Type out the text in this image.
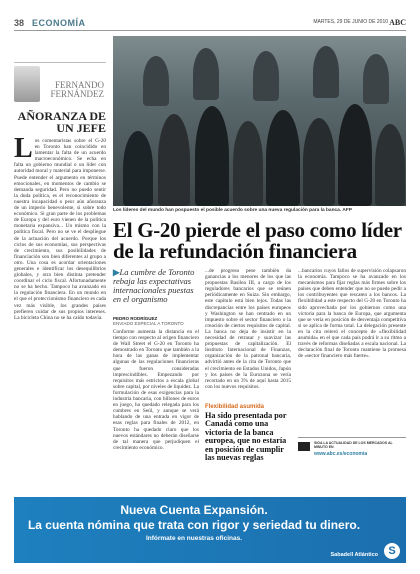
38 ECONOMÍA	MARTES, 29 DE JUNIO DE 2010 ABC
FERNANDO FERNÁNDEZ
AÑORANZA DE UN JEFE
Los comentaristas sobre el G-20 en Toronto han coincidido en lamentar la falta de un acuerdo macroeconómico. Se echa en falta un gobierno mundial o un líder con autoridad moral y material para imponerse. Puede entender el argumento en términos emocionales, en momentos de cambio se demanda seguridad. Pero no puedo sentir la duda política, es el reconocimiento de nuestra incapacidad o peor aún añoranza de un imperio benevolente, si sobre todo económico. Si gran parte de los problemas de Europa y del euro vienen de la política monetaria expansiva... Un mismo con la política fiscal. Pero no se ve el despliegue de la actuación del acuerdo. Porque los ciclos de sus economías, sus perspectivas de crecimiento, sus posibilidades de financiación son bien diferentes al grupo a otro. Una cosa es acordar orientaciones generales e identificar los desequilibrios globales, y otra bien distinta pretender coordinar el ciclo fiscal. Afortunadamente no se ha hecho. Tampoco ha avanzado en la regulación financiera. En un mundo en el que el proteccionismo financiero es cada vez más visible, los grandes países prefieren cuidar de sus propios intereses. La bicicleta China no se ha caído todavía.
Los líderes del mundo han pospuesto el posible acuerdo sobre una nueva regulación para la banca. AFP
El G-20 pierde el paso como líder de la refundación financiera
▶La cumbre de Toronto rebaja las expectativas internacionales puestas en el organismo
PEDRO RODRÍGUEZ
ENVIADO ESPECIAL A TORONTO
Conforme aumenta la distancia en el tiempo con respecto al origen financiero de Wall Street el G-20 en Toronto ha demostrado en Toronto que también a la hora de las ganas de implementar algunas de las regulaciones financieras que fueron consideradas imprescindibles. Empezando por requisitos más estrictos a escala global sobre capital, por niveles de liquidez. La formulación de esas exigencias para la industria bancaria, con billones de euros en juego, ha quedado relegada para los cumbres en Seúl, y aunque se verá hablando de una entrada en vigor de esas reglas para finales de 2012, en Toronto ha quedado claro que los nuevos estándares no deberán diseñarse de tal manera que perjudiquen el crecimiento económico.
...de progreso pese también da ganancias a los menores de los que las propuestas Basilea III, a cargo de los reguladores bancarios que se reúnen periódicamente en Suiza. Sin embargo, este capítulo está bien lejos. Todas las discrepancias entre los países europeos y Washington se han centrado en un impuesto sobre el sector financiero o la creación de ciertos requisitos de capital. La banca no deja de insistir en la necesidad de retrasar y suavizar las propuestas de capitalización. El Instituto Internacional de Finanzas, organización de la patronal bancaria, advirtió antes de la cita de Toronto que el crecimiento en Estados Unidos, Japón y los países de la Eurozona se vería recortado en un 3% de aquí hasta 2015 con los nuevos requisitos.
...bancarios cuyos fallos de supervisión colapsaron la economía. Tampoco se ha avanzado en los mecanismos para fijar reglas más firmes sobre los países que deben entender que no se puede pedir a los contribuyentes que rescaten a los bancos. La flexibilidad a este respecto del G-20 en Toronto ha sido aprovechada por los gobiernos como una victoria para la banca de Europa, que argumenta que se vería en posición de desventaja competitiva si se aplica de forma total. La delegación presente en la cita reiteró el concepto de «flexibilidad asumida» en el que cada país podrá ir a su ritmo a través de reformas diseñadas a escala nacional. La declaración final de Toronto mantiene la promesa de «sector financiero más fuerte».
Flexibilidad asumida
Ha sido presentada por Canadá como una victoria de la banca europea, que no estaría en posición de cumplir las nuevas reglas
SIGA LA ACTUALIDAD DE LOS MERCADOS AL MINUTO EN
www.abc.es/economia
Nueva Cuenta Expansión.
La cuenta nómina que trata con rigor y seriedad tu dinero.
Infórmate en nuestras oficinas.
Sabadell Atlántico S
